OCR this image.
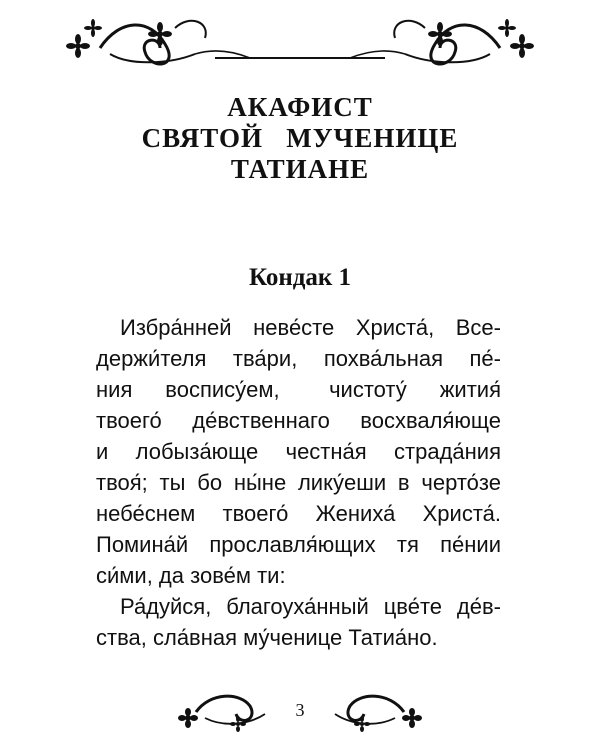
АКАФИСТ
СВЯТОЙ   МУЧЕНИЦЕ
ТАТИАНЕ
Кондак 1
Избра́нней неве́сте Христа́, Все-
держи́теля тва́ри, похва́льная пе́-
ния  воспису́ем,   чистоту́  жития́
твоего́ де́вственнаго восхваля́юще
и  лобыза́юще  честна́я  страда́ния
твоя́; ты бо ны́не лику́еши в черто́зе
небе́снем твоего́ Жениха́ Христа́.
Помина́й прославля́ющих тя пе́нии
си́ми, да зове́м ти:
Ра́дуйся, благоуха́нный цве́те де́в-
ства, сла́вная му́ченице Татиа́но.
3
